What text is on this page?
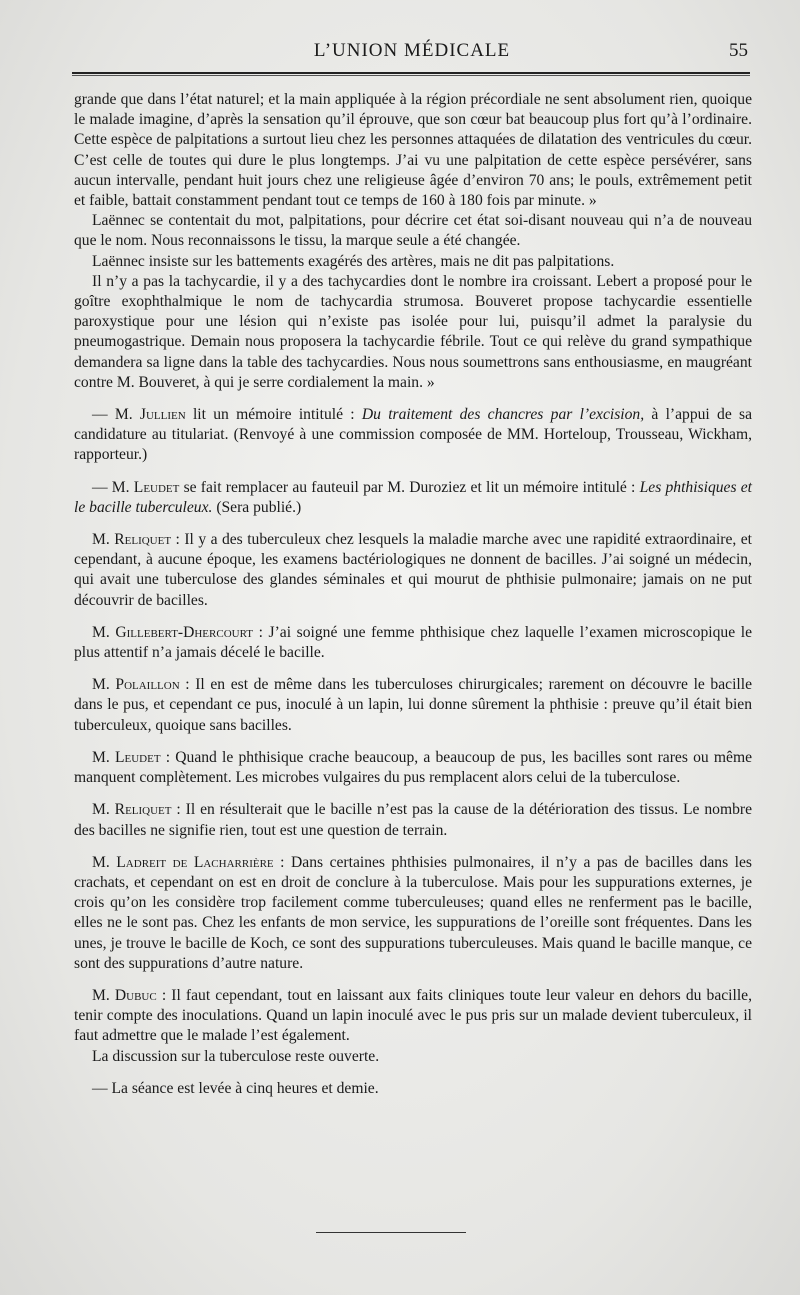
L’UNION MÉDICALE	55

grande que dans l’état naturel; et la main appliquée à la région précordiale ne sent absolument rien, quoique le malade imagine, d’après la sensation qu’il éprouve, que son cœur bat beaucoup plus fort qu’à l’ordinaire. Cette espèce de palpitations a surtout lieu chez les personnes attaquées de dilatation des ventricules du cœur. C’est celle de toutes qui dure le plus longtemps. J’ai vu une palpitation de cette espèce persévérer, sans aucun intervalle, pendant huit jours chez une religieuse âgée d’environ 70 ans; le pouls, extrêmement petit et faible, battait constamment pendant tout ce temps de 160 à 180 fois par minute. »

Laënnec se contentait du mot, palpitations, pour décrire cet état soi-disant nouveau qui n’a de nouveau que le nom. Nous reconnaissons le tissu, la marque seule a été changée.

Laënnec insiste sur les battements exagérés des artères, mais ne dit pas palpitations.

Il n’y a pas la tachycardie, il y a des tachycardies dont le nombre ira croissant. Lebert a proposé pour le goître exophthalmique le nom de tachycardia strumosa. Bouveret propose tachycardie essentielle paroxystique pour une lésion qui n’existe pas isolée pour lui, puisqu’il admet la paralysie du pneumogastrique. Demain nous proposera la tachycardie fébrile. Tout ce qui relève du grand sympathique demandera sa ligne dans la table des tachycardies. Nous nous soumettrons sans enthousiasme, en maugréant contre M. Bouveret, à qui je serre cordialement la main. »

— M. Jullien lit un mémoire intitulé : Du traitement des chancres par l’excision, à l’appui de sa candidature au titulariat. (Renvoyé à une commission composée de MM. Horteloup, Trousseau, Wickham, rapporteur.)

— M. Leudet se fait remplacer au fauteuil par M. Duroziez et lit un mémoire intitulé : Les phthisiques et le bacille tuberculeux. (Sera publié.)

M. Reliquet : Il y a des tuberculeux chez lesquels la maladie marche avec une rapidité extraordinaire, et cependant, à aucune époque, les examens bactériologiques ne donnent de bacilles. J’ai soigné un médecin, qui avait une tuberculose des glandes séminales et qui mourut de phthisie pulmonaire; jamais on ne put découvrir de bacilles.

M. Gillebert-Dhercourt : J’ai soigné une femme phthisique chez laquelle l’examen microscopique le plus attentif n’a jamais décelé le bacille.

M. Polaillon : Il en est de même dans les tuberculoses chirurgicales; rarement on découvre le bacille dans le pus, et cependant ce pus, inoculé à un lapin, lui donne sûrement la phthisie : preuve qu’il était bien tuberculeux, quoique sans bacilles.

M. Leudet : Quand le phthisique crache beaucoup, a beaucoup de pus, les bacilles sont rares ou même manquent complètement. Les microbes vulgaires du pus remplacent alors celui de la tuberculose.

M. Reliquet : Il en résulterait que le bacille n’est pas la cause de la détérioration des tissus. Le nombre des bacilles ne signifie rien, tout est une question de terrain.

M. Ladreit de Lacharrière : Dans certaines phthisies pulmonaires, il n’y a pas de bacilles dans les crachats, et cependant on est en droit de conclure à la tuberculose. Mais pour les suppurations externes, je crois qu’on les considère trop facilement comme tuberculeuses; quand elles ne renferment pas le bacille, elles ne le sont pas. Chez les enfants de mon service, les suppurations de l’oreille sont fréquentes. Dans les unes, je trouve le bacille de Koch, ce sont des suppurations tuberculeuses. Mais quand le bacille manque, ce sont des suppurations d’autre nature.

M. Dubuc : Il faut cependant, tout en laissant aux faits cliniques toute leur valeur en dehors du bacille, tenir compte des inoculations. Quand un lapin inoculé avec le pus pris sur un malade devient tuberculeux, il faut admettre que le malade l’est également.

La discussion sur la tuberculose reste ouverte.

— La séance est levée à cinq heures et demie.
